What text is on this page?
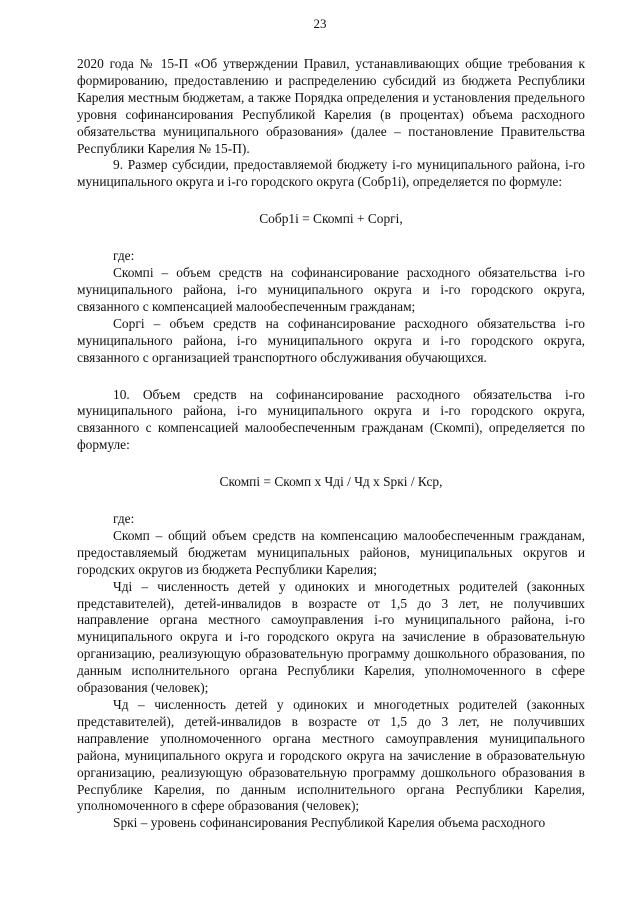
23

2020 года № 15-П «Об утверждении Правил, устанавливающих общие требования к формированию, предоставлению и распределению субсидий из бюджета Республики Карелия местным бюджетам, а также Порядка определения и установления предельного уровня софинансирования Республикой Карелия (в процентах) объема расходного обязательства муниципального образования» (далее – постановление Правительства Республики Карелия № 15-П).

9. Размер субсидии, предоставляемой бюджету i-го муниципального района, i-го муниципального округа и i-го городского округа (Cобр1i), определяется по формуле:

Cобр1i = Скомпi + Соргi,

где:

Скомпi – объем средств на софинансирование расходного обязательства i-го муниципального района, i-го муниципального округа и i-го городского округа, связанного с компенсацией малообеспеченным гражданам;

Соргi – объем средств на софинансирование расходного обязательства i-го муниципального района, i-го муниципального округа и i-го городского округа, связанного с организацией транспортного обслуживания обучающихся.

10. Объем средств на софинансирование расходного обязательства i-го муниципального района, i-го муниципального округа и i-го городского округа, связанного с компенсацией малообеспеченным гражданам (Скомпi), определяется по формуле:

Скомпi = Скомп х Чдi / Чд х Spкi / Кср,

где:

Скомп – общий объем средств на компенсацию малообеспеченным гражданам, предоставляемый бюджетам муниципальных районов, муниципальных округов и городских округов из бюджета Республики Карелия;

Чдi – численность детей у одиноких и многодетных родителей (законных представителей), детей-инвалидов в возрасте от 1,5 до 3 лет, не получивших направление органа местного самоуправления i-го муниципального района, i-го муниципального округа и i-го городского округа на зачисление в образовательную организацию, реализующую образовательную программу дошкольного образования, по данным исполнительного органа Республики Карелия, уполномоченного в сфере образования (человек);

Чд – численность детей у одиноких и многодетных родителей (законных представителей), детей-инвалидов в возрасте от 1,5 до 3 лет, не получивших направление уполномоченного органа местного самоуправления муниципального района, муниципального округа и городского округа на зачисление в образовательную организацию, реализующую образовательную программу дошкольного образования в Республике Карелия, по данным исполнительного органа Республики Карелия, уполномоченного в сфере образования (человек);

Spкi – уровень софинансирования Республикой Карелия объема расходного
